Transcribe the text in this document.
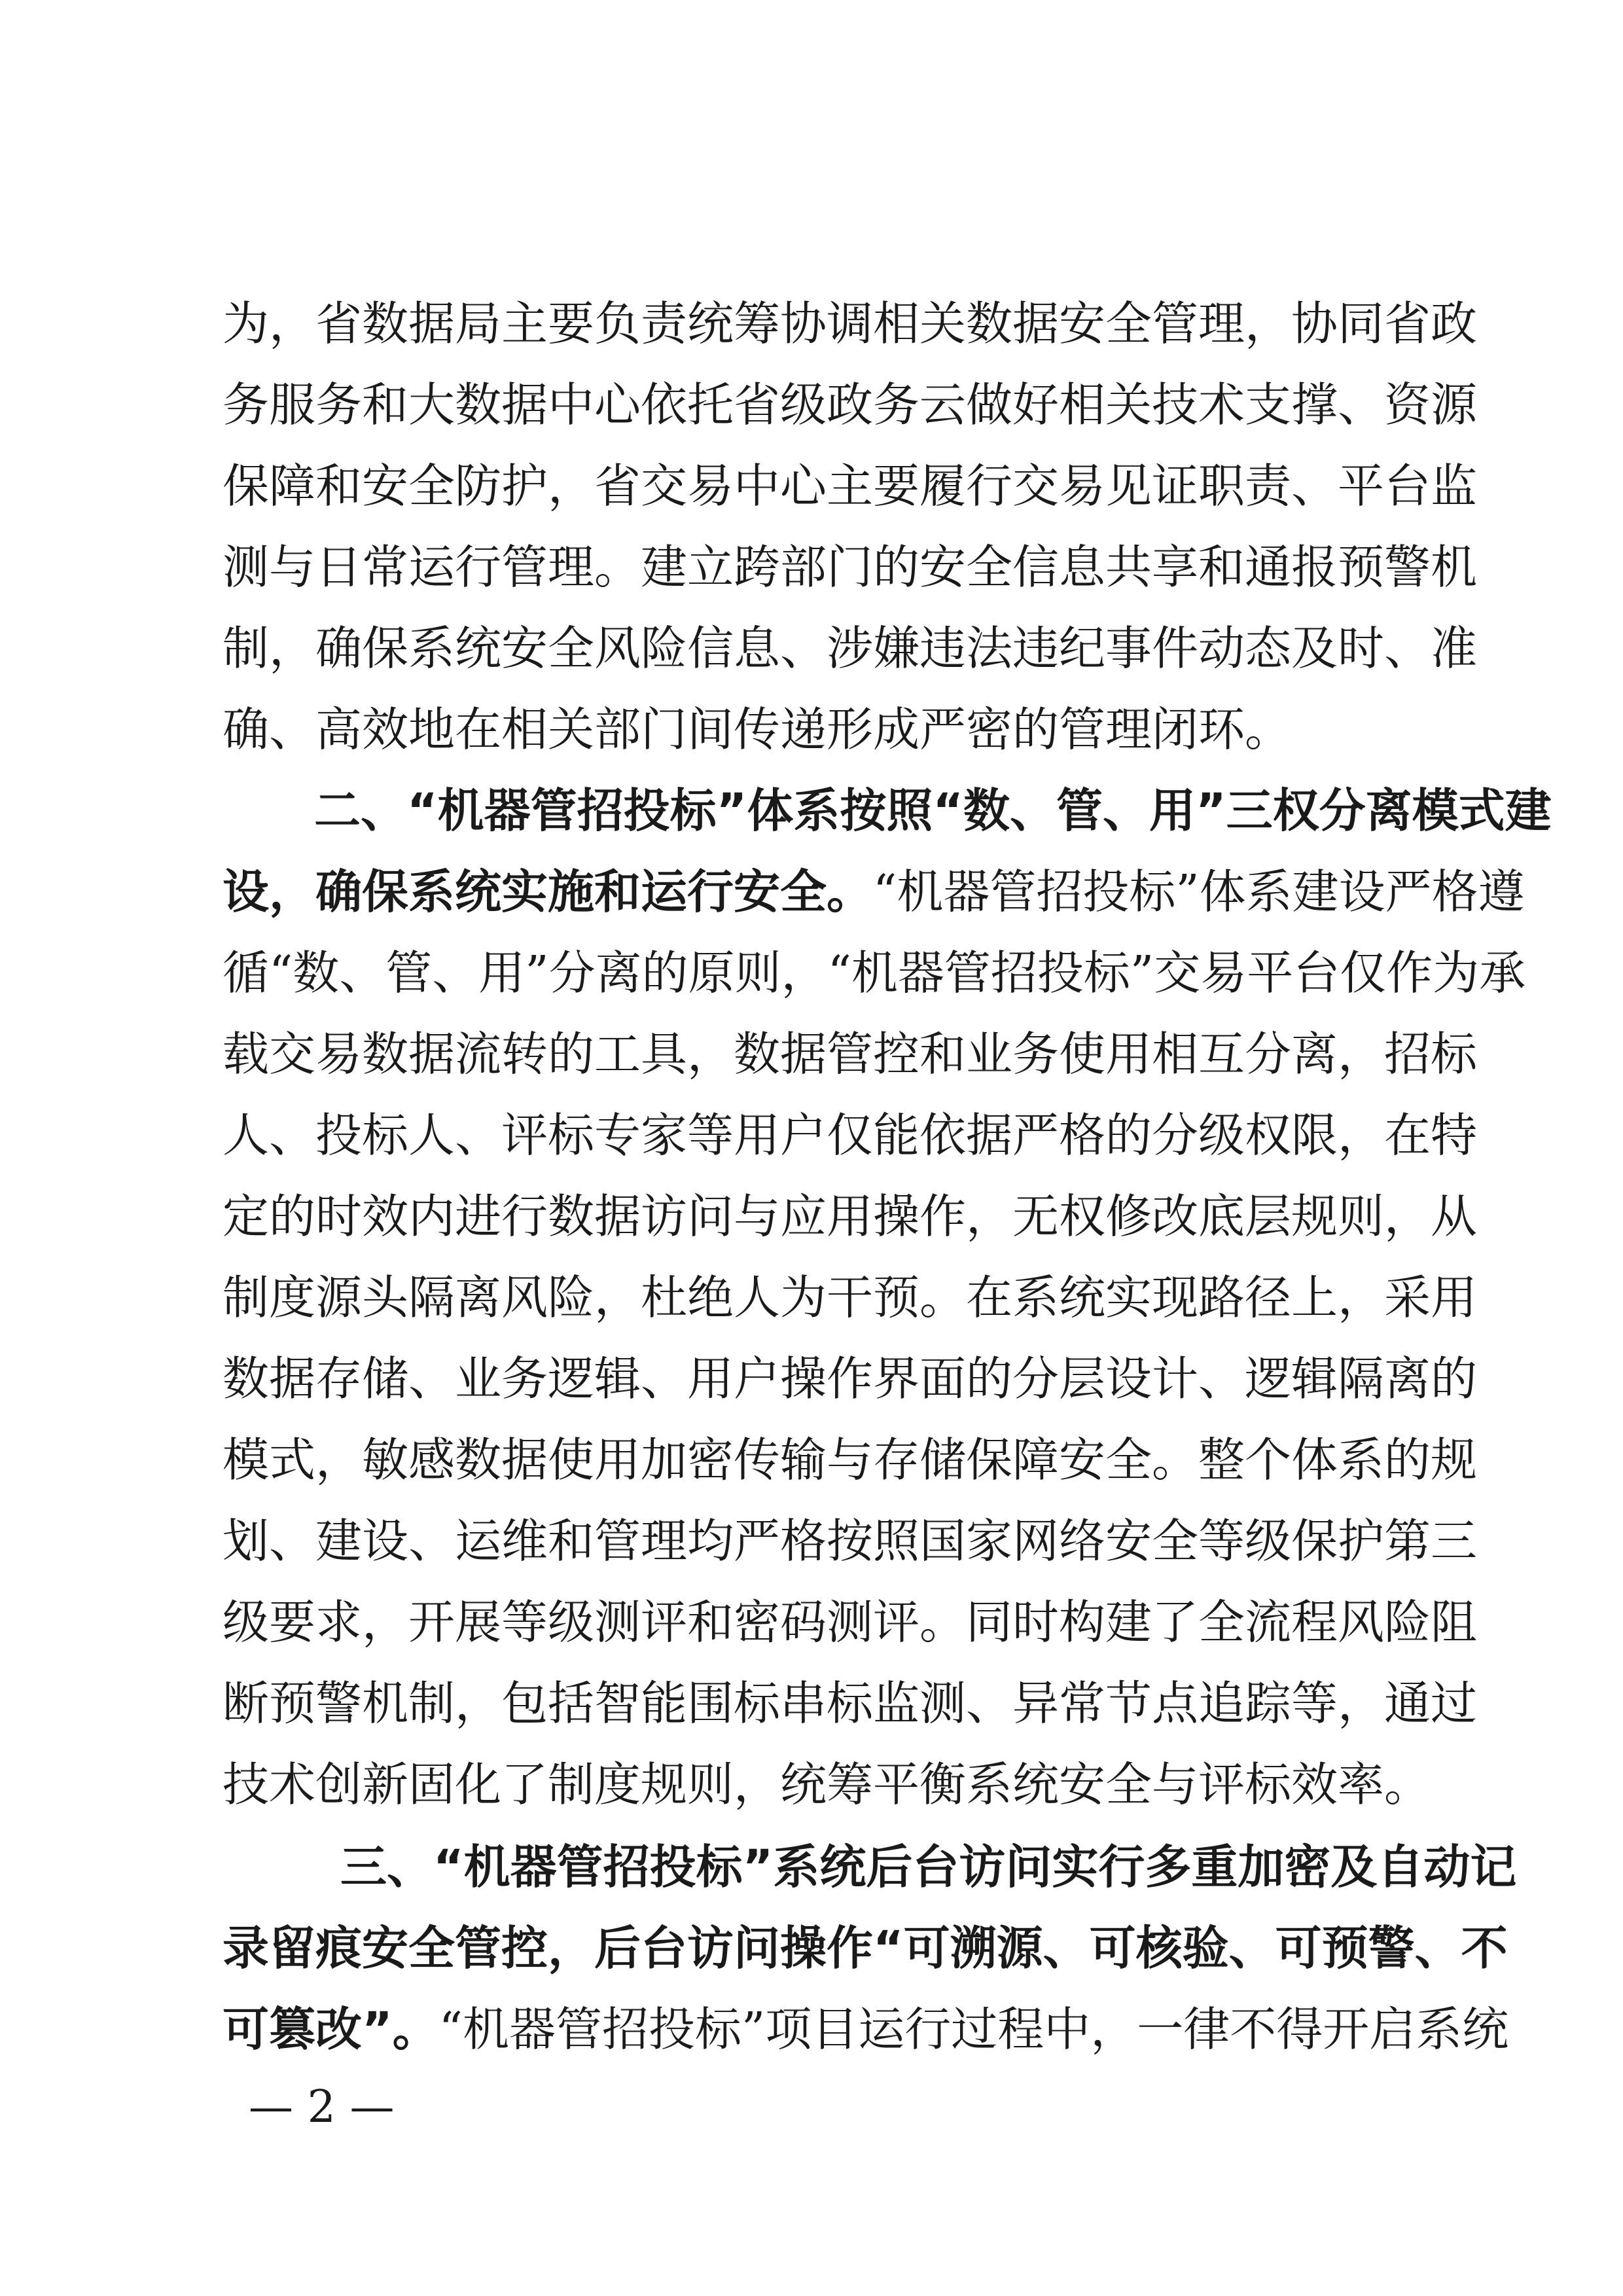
为，省数据局主要负责统筹协调相关数据安全管理，协同省政
务服务和大数据中心依托省级政务云做好相关技术支撑、资源
保障和安全防护，省交易中心主要履行交易见证职责、平台监
测与日常运行管理。建立跨部门的安全信息共享和通报预警机
制，确保系统安全风险信息、涉嫌违法违纪事件动态及时、准
确、高效地在相关部门间传递形成严密的管理闭环。
二、“机器管招投标”体系按照“数、管、用”三权分离模式建
设，确保系统实施和运行安全。“机器管招投标”体系建设严格遵
循“数、管、用”分离的原则，“机器管招投标”交易平台仅作为承
载交易数据流转的工具，数据管控和业务使用相互分离，招标
人、投标人、评标专家等用户仅能依据严格的分级权限，在特
定的时效内进行数据访问与应用操作，无权修改底层规则，从
制度源头隔离风险，杜绝人为干预。在系统实现路径上，采用
数据存储、业务逻辑、用户操作界面的分层设计、逻辑隔离的
模式，敏感数据使用加密传输与存储保障安全。整个体系的规
划、建设、运维和管理均严格按照国家网络安全等级保护第三
级要求，开展等级测评和密码测评。同时构建了全流程风险阻
断预警机制，包括智能围标串标监测、异常节点追踪等，通过
技术创新固化了制度规则，统筹平衡系统安全与评标效率。
三、“机器管招投标”系统后台访问实行多重加密及自动记
录留痕安全管控，后台访问操作“可溯源、可核验、可预警、不
可篡改”。“机器管招投标”项目运行过程中，一律不得开启系统
— 2 —
